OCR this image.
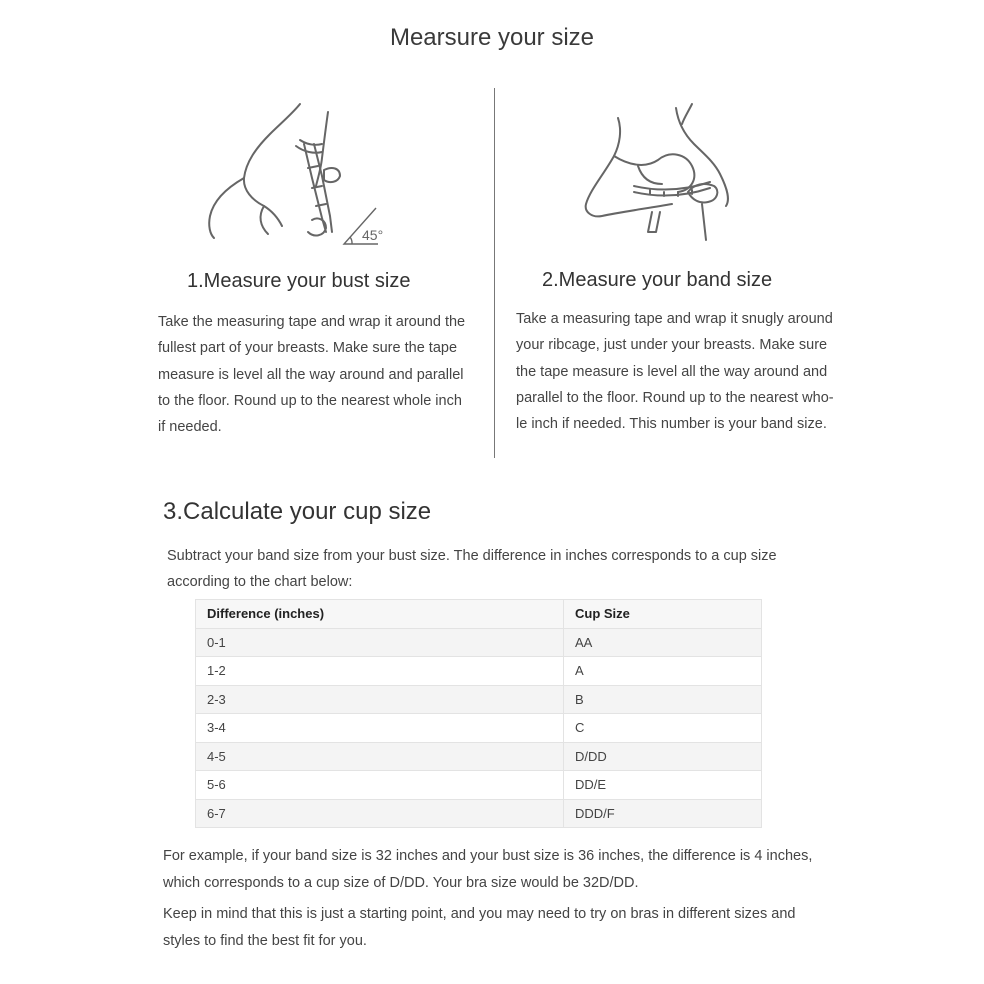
Mearsure your size
45°
1.Measure your bust size

Take the measuring tape and wrap it around the

fullest part of your breasts. Make sure the tape

measure is level all the way around and parallel

to the floor. Round up to the nearest whole inch

if needed.

2.Measure your band size

Take a measuring tape and wrap it snugly around

your ribcage, just under your breasts. Make sure

the tape measure is level all the way around and

parallel to the floor. Round up to the nearest who-

le inch if needed. This number is your band size.

3.Calculate your cup size
Subtract your band size from your bust size. The difference in inches corresponds to a cup size
according to the chart below:
Difference (inches)	Cup Size
0-1	AA
1-2	A
2-3	B
3-4	C
4-5	D/DD
5-6	DD/E
6-7	DDD/F

For example, if your band size is 32 inches and your bust size is 36 inches, the difference is 4 inches,

which corresponds to a cup size of D/DD. Your bra size would be 32D/DD.

Keep in mind that this is just a starting point, and you may need to try on bras in different sizes and

styles to find the best fit for you.
